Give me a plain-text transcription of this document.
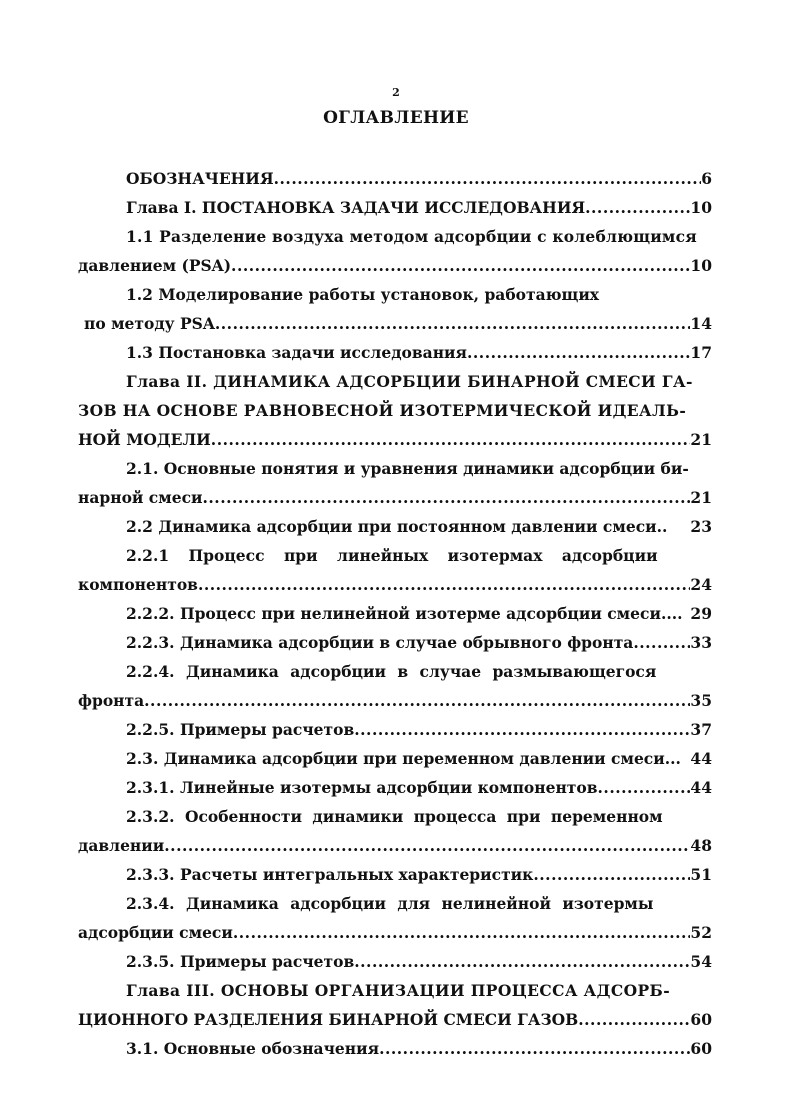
2
ОГЛАВЛЕНИЕ
ОБОЗНАЧЕНИЯ .....	6
Глава I. ПОСТАНОВКА ЗАДАЧИ ИССЛЕДОВАНИЯ .....	10
1.1 Разделение воздуха методом адсорбции с колеблющимся
давлением (PSA) .....	10
1.2 Моделирование работы установок, работающих
по методу PSA .....	14
1.3 Постановка задачи исследования .....	17
Глава II. ДИНАМИКА АДСОРБЦИИ БИНАРНОЙ СМЕСИ ГА-
ЗОВ НА ОСНОВЕ РАВНОВЕСНОЙ ИЗОТЕРМИЧЕСКОЙ ИДЕАЛЬ-
НОЙ МОДЕЛИ .....	21
2.1. Основные понятия и уравнения динамики адсорбции би-
нарной смеси .....	21
2.2 Динамика адсорбции при постоянном давлении смеси.. 23
2.2.1 Процесс при линейных изотермах адсорбции
компонентов .....	24
2.2.2. Процесс при нелинейной изотерме адсорбции смеси.... 29
2.2.3. Динамика адсорбции в случае обрывного фронта .....	33
2.2.4. Динамика адсорбции в случае размывающегося
фронта .....	35
2.2.5. Примеры расчетов .....	37
2.3. Динамика адсорбции при переменном давлении смеси... 44
2.3.1. Линейные изотермы адсорбции компонентов .....	44
2.3.2. Особенности динамики процесса при переменном
давлении .....	48
2.3.3. Расчеты интегральных характеристик .....	51
2.3.4. Динамика адсорбции для нелинейной изотермы
адсорбции смеси .....	52
2.3.5. Примеры расчетов .....	54
Глава III. ОСНОВЫ ОРГАНИЗАЦИИ ПРОЦЕССА АДСОРБ-
ЦИОННОГО РАЗДЕЛЕНИЯ БИНАРНОЙ СМЕСИ ГАЗОВ .....	60
3.1. Основные обозначения .....	60
